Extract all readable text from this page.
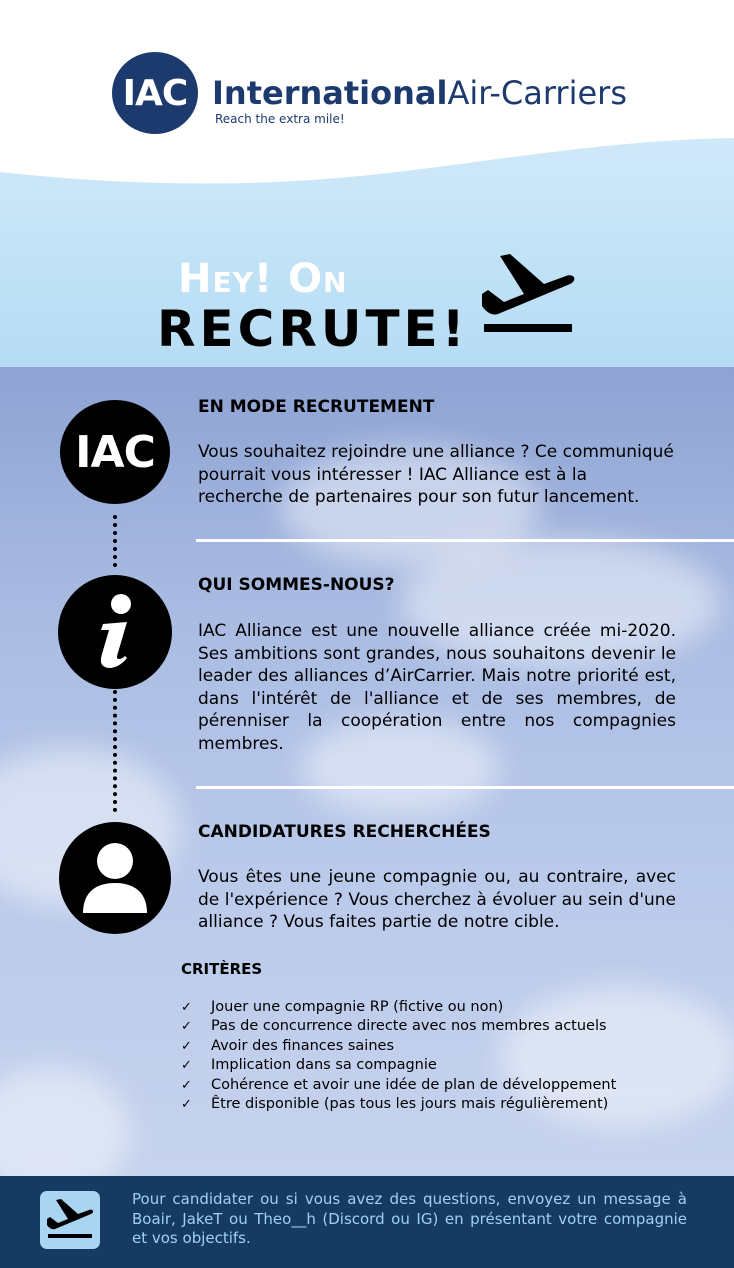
IAC InternationalAir-Carriers
Reach the extra mile!
Hey! On
RECRUTE!
IAC
EN MODE RECRUTEMENT
Vous souhaitez rejoindre une alliance ? Ce communiqué pourrait vous intéresser ! IAC Alliance est à la recherche de partenaires pour son futur lancement.
QUI SOMMES-NOUS?
IAC Alliance est une nouvelle alliance créée mi-2020. Ses ambitions sont grandes, nous souhaitons devenir le leader des alliances d’AirCarrier. Mais notre priorité est, dans l'intérêt de l'alliance et de ses membres, de pérenniser la coopération entre nos compagnies membres.
CANDIDATURES RECHERCHÉES
Vous êtes une jeune compagnie ou, au contraire, avec de l'expérience ? Vous cherchez à évoluer au sein d'une alliance ? Vous faites partie de notre cible.
CRITÈRES
✓ Jouer une compagnie RP (fictive ou non)
✓ Pas de concurrence directe avec nos membres actuels
✓ Avoir des finances saines
✓ Implication dans sa compagnie
✓ Cohérence et avoir une idée de plan de développement
✓ Être disponible (pas tous les jours mais régulièrement)
Pour candidater ou si vous avez des questions, envoyez un message à Boair, JakeT ou Theo__h (Discord ou IG) en présentant votre compagnie et vos objectifs.
